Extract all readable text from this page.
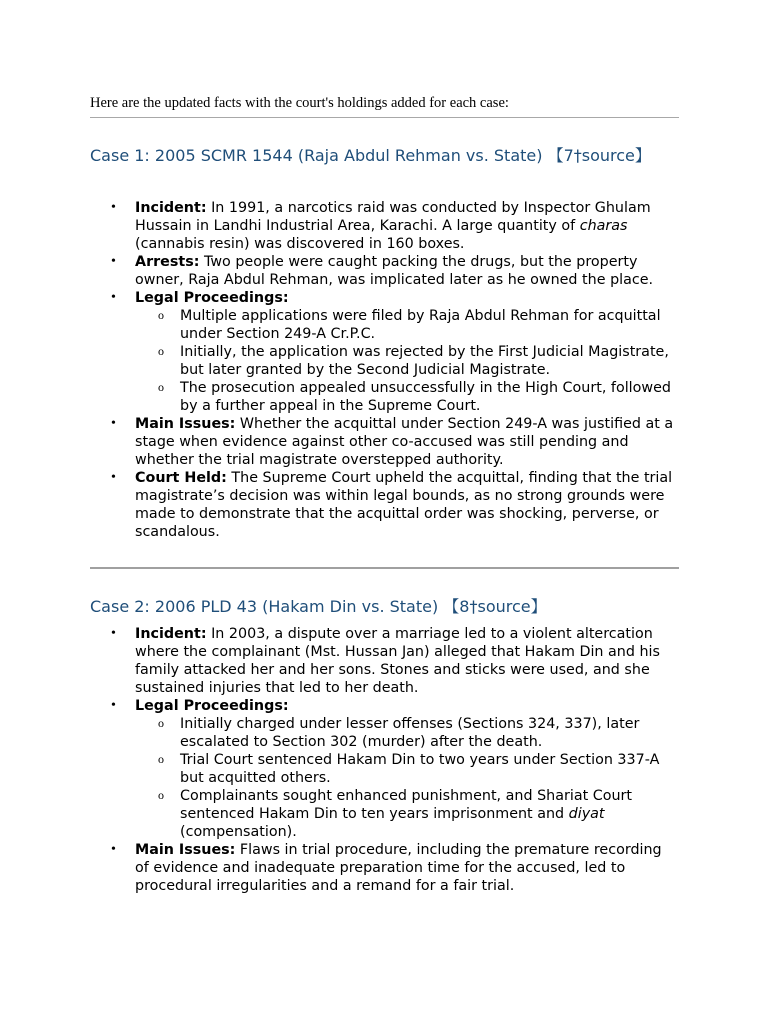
Here are the updated facts with the court's holdings added for each case:
Case 1: 2005 SCMR 1544 (Raja Abdul Rehman vs. State) 【7†source】
• Incident: In 1991, a narcotics raid was conducted by Inspector Ghulam Hussain in Landhi Industrial Area, Karachi. A large quantity of charas (cannabis resin) was discovered in 160 boxes.
• Arrests: Two people were caught packing the drugs, but the property owner, Raja Abdul Rehman, was implicated later as he owned the place.
• Legal Proceedings:
o Multiple applications were filed by Raja Abdul Rehman for acquittal under Section 249-A Cr.P.C.
o Initially, the application was rejected by the First Judicial Magistrate, but later granted by the Second Judicial Magistrate.
o The prosecution appealed unsuccessfully in the High Court, followed by a further appeal in the Supreme Court.
• Main Issues: Whether the acquittal under Section 249-A was justified at a stage when evidence against other co-accused was still pending and whether the trial magistrate overstepped authority.
• Court Held: The Supreme Court upheld the acquittal, finding that the trial magistrate’s decision was within legal bounds, as no strong grounds were made to demonstrate that the acquittal order was shocking, perverse, or scandalous.
Case 2: 2006 PLD 43 (Hakam Din vs. State) 【8†source】
• Incident: In 2003, a dispute over a marriage led to a violent altercation where the complainant (Mst. Hussan Jan) alleged that Hakam Din and his family attacked her and her sons. Stones and sticks were used, and she sustained injuries that led to her death.
• Legal Proceedings:
o Initially charged under lesser offenses (Sections 324, 337), later escalated to Section 302 (murder) after the death.
o Trial Court sentenced Hakam Din to two years under Section 337-A but acquitted others.
o Complainants sought enhanced punishment, and Shariat Court sentenced Hakam Din to ten years imprisonment and diyat (compensation).
• Main Issues: Flaws in trial procedure, including the premature recording of evidence and inadequate preparation time for the accused, led to procedural irregularities and a remand for a fair trial.
